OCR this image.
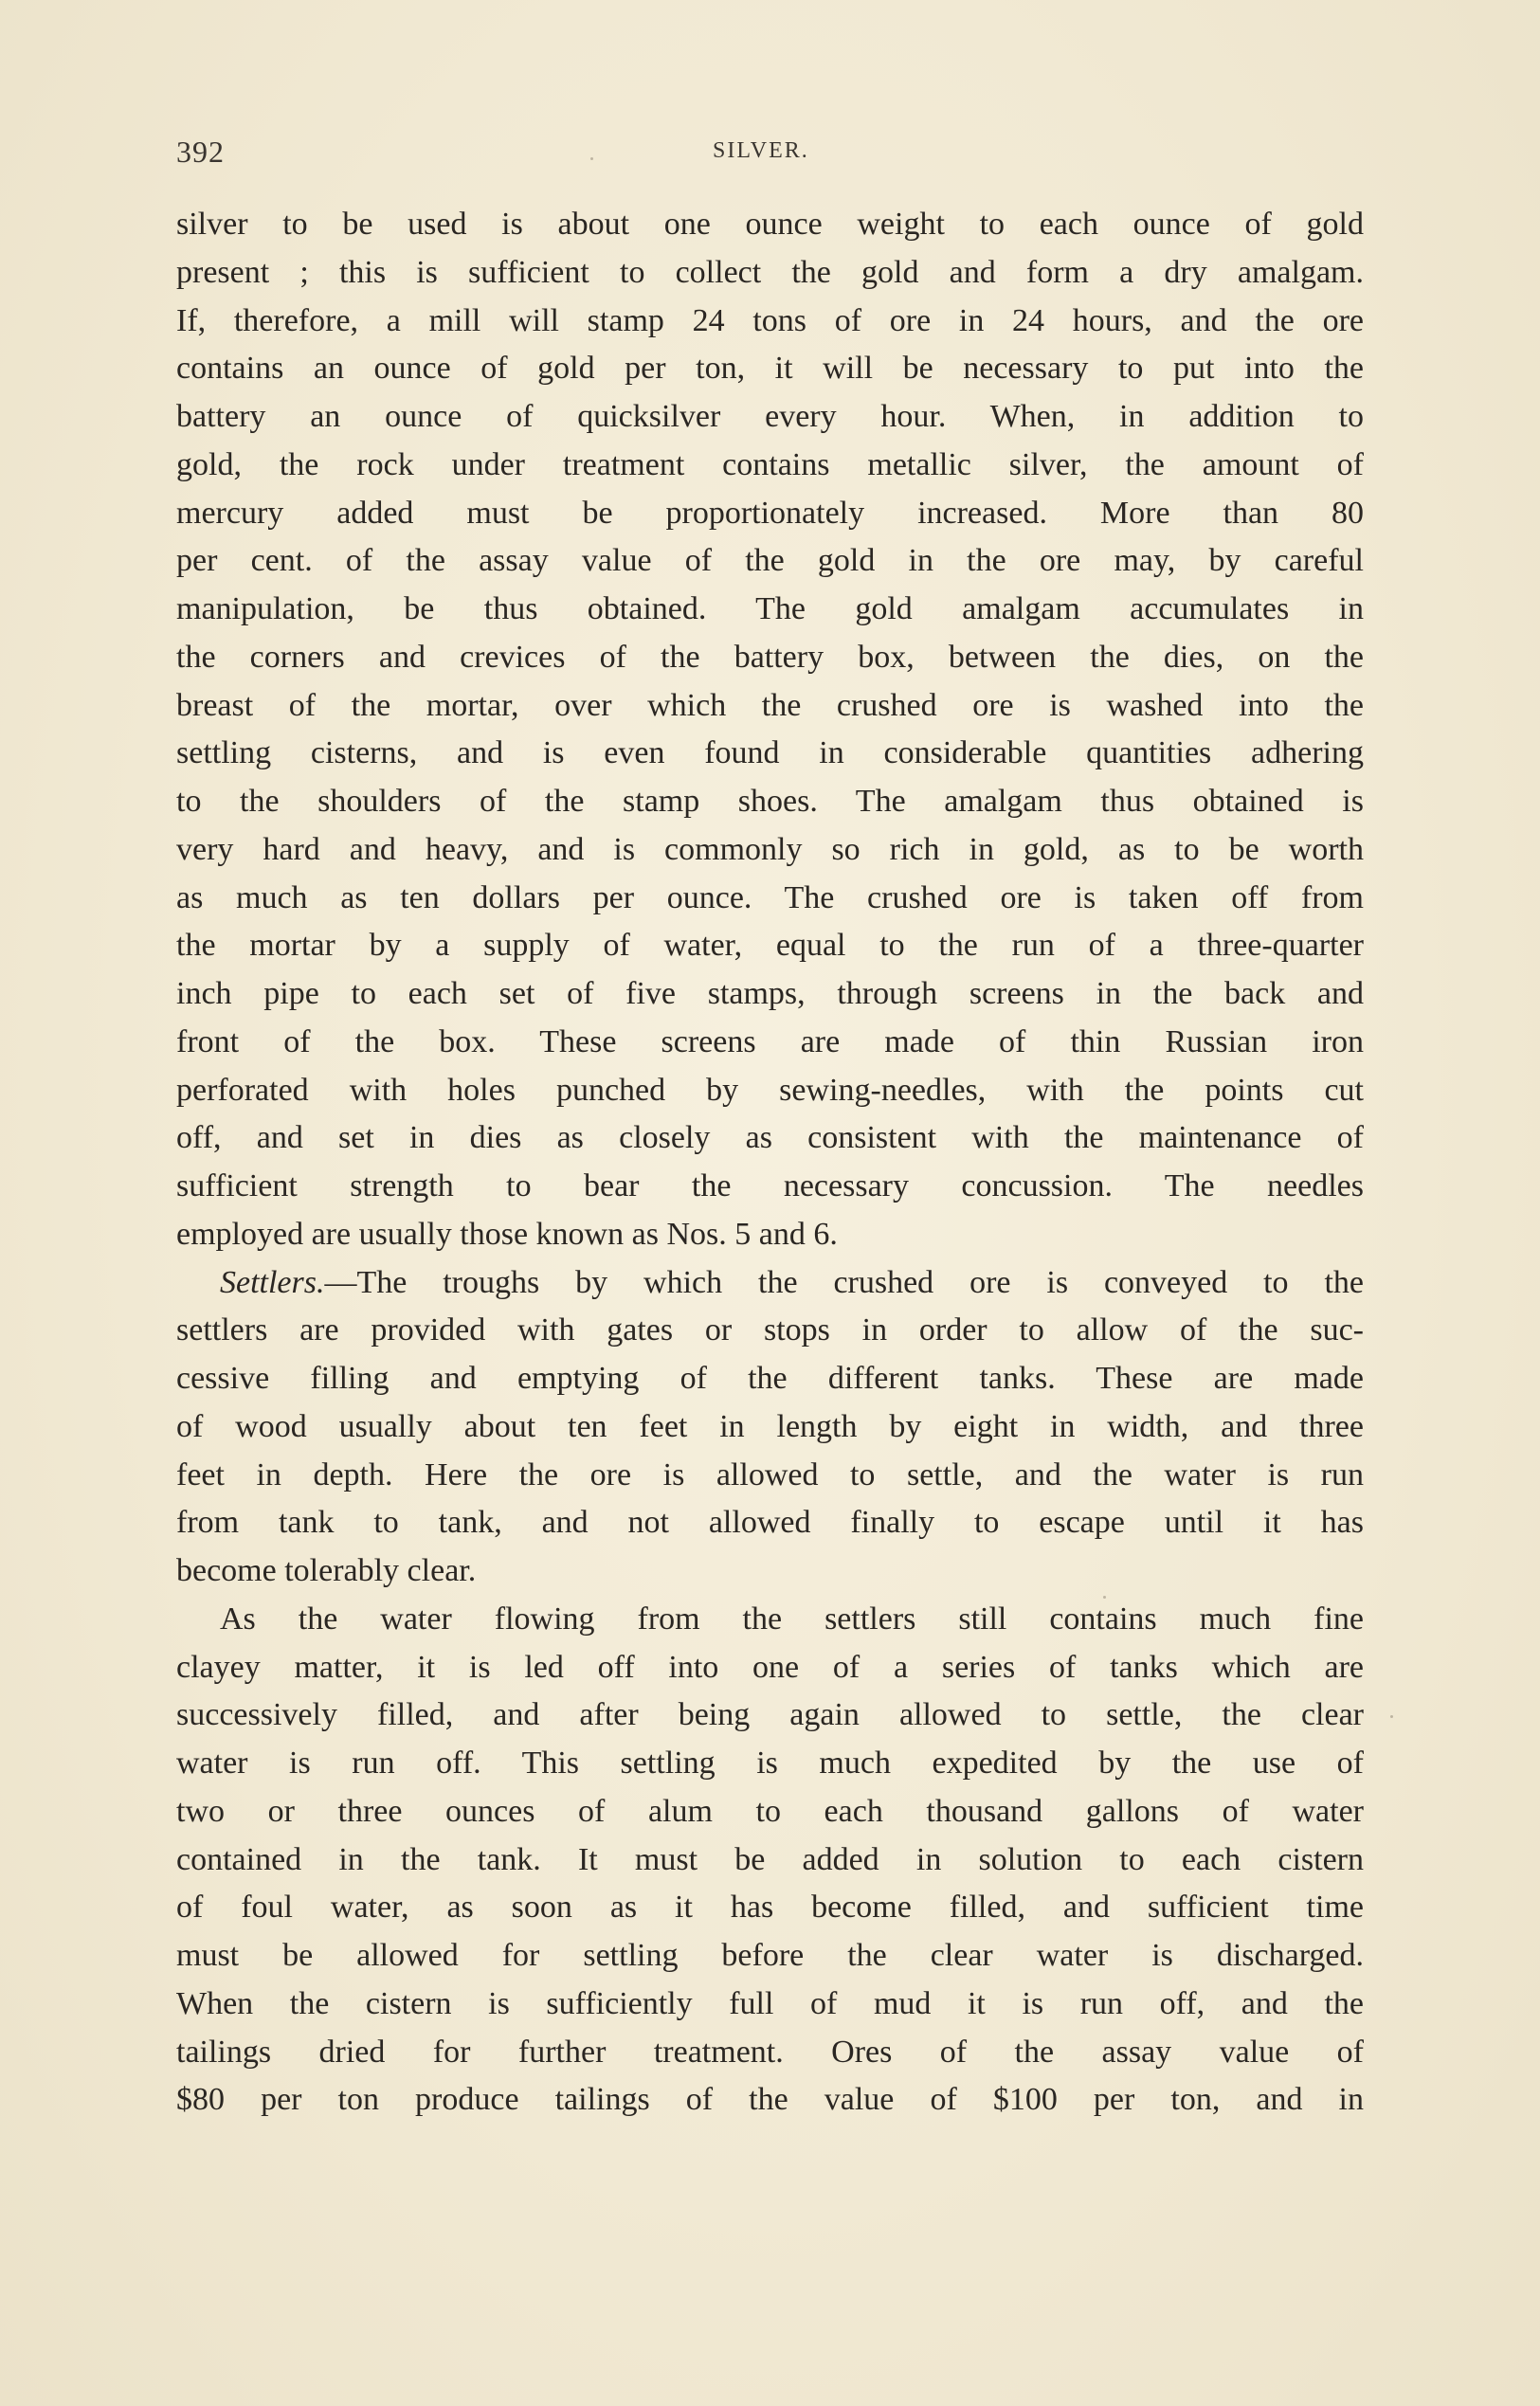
392	SILVER.
silver to be used is about one ounce weight to each ounce of gold
present ; this is sufficient to collect the gold and form a dry amalgam.
If, therefore, a mill will stamp 24 tons of ore in 24 hours, and the ore
contains an ounce of gold per ton, it will be necessary to put into the
battery an ounce of quicksilver every hour. When, in addition to
gold, the rock under treatment contains metallic silver, the amount of
mercury added must be proportionately increased. More than 80
per cent. of the assay value of the gold in the ore may, by careful
manipulation, be thus obtained. The gold amalgam accumulates in
the corners and crevices of the battery box, between the dies, on the
breast of the mortar, over which the crushed ore is washed into the
settling cisterns, and is even found in considerable quantities adhering
to the shoulders of the stamp shoes. The amalgam thus obtained is
very hard and heavy, and is commonly so rich in gold, as to be worth
as much as ten dollars per ounce. The crushed ore is taken off from
the mortar by a supply of water, equal to the run of a three-quarter
inch pipe to each set of five stamps, through screens in the back and
front of the box. These screens are made of thin Russian iron
perforated with holes punched by sewing-needles, with the points cut
off, and set in dies as closely as consistent with the maintenance of
sufficient strength to bear the necessary concussion. The needles
employed are usually those known as Nos. 5 and 6.
Settlers.—The troughs by which the crushed ore is conveyed to the
settlers are provided with gates or stops in order to allow of the suc-
cessive filling and emptying of the different tanks. These are made
of wood usually about ten feet in length by eight in width, and three
feet in depth. Here the ore is allowed to settle, and the water is run
from tank to tank, and not allowed finally to escape until it has
become tolerably clear.
As the water flowing from the settlers still contains much fine
clayey matter, it is led off into one of a series of tanks which are
successively filled, and after being again allowed to settle, the clear
water is run off. This settling is much expedited by the use of
two or three ounces of alum to each thousand gallons of water
contained in the tank. It must be added in solution to each cistern
of foul water, as soon as it has become filled, and sufficient time
must be allowed for settling before the clear water is discharged.
When the cistern is sufficiently full of mud it is run off, and the
tailings dried for further treatment. Ores of the assay value of
$80 per ton produce tailings of the value of $100 per ton, and in
